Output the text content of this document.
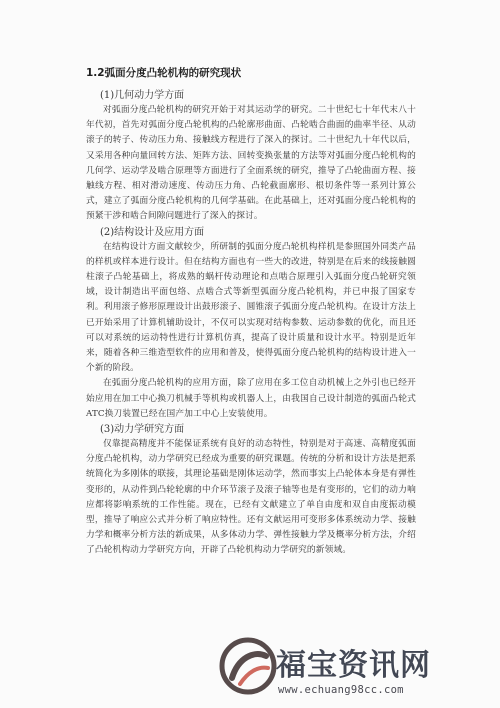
1.2弧面分度凸轮机构的研究现状

(1)几何动力学方面

对弧面分度凸轮机构的研究开始于对其运动学的研究。二十世纪七十年代末八十年代初，首先对弧面分度凸轮机构的凸轮廓形曲面、凸轮啮合曲面的曲率半径、从动滚子的转子、传动压力角、接触线方程进行了深入的探讨。二十世纪九十年代以后，又采用各种向量回转方法、矩阵方法、回转变换张量的方法等对弧面分度凸轮机构的几何学、运动学及啮合原理等方面进行了全面系统的研究，推导了凸轮曲面方程、接触线方程、相对滑动速度、传动压力角、凸轮截面廓形、根切条件等一系列计算公式，建立了弧面分度凸轮机构的几何学基础。在此基础上，还对弧面分度凸轮机构的预紧干涉和啮合间隙问题进行了深入的探讨。

(2)结构设计及应用方面

在结构设计方面文献较少，所研制的弧面分度凸轮机构样机是参照国外同类产品的样机或样本进行设计。但在结构方面也有一些大的改进，特别是在后来的线接触圆柱滚子凸轮基础上，将成熟的蜗杆传动理论和点啮合原理引入弧面分度凸轮研究领域，设计制造出平面包络、点啮合式等新型弧面分度凸轮机构，并已申报了国家专利。利用滚子修形原理设计出鼓形滚子、圆锥滚子弧面分度凸轮机构。在设计方法上已开始采用了计算机辅助设计，不仅可以实现对结构参数、运动参数的优化，而且还可以对系统的运动特性进行计算机仿真，提高了设计质量和设计水平。特别是近年来，随着各种三维造型软件的应用和普及，使得弧面分度凸轮机构的结构设计进入一个新的阶段。

在弧面分度凸轮机构的应用方面，除了应用在多工位自动机械上之外引也已经开始应用在加工中心换刀机械手等机构或机器人上，由我国自己设计制造的弧面凸轮式ATC换刀装置已经在国产加工中心上安装使用。

(3)动力学研究方面

仅靠提高精度并不能保证系统有良好的动态特性，特别是对于高速、高精度弧面分度凸轮机构，动力学研究已经成为重要的研究课题。传统的分析和设计方法是把系统简化为多刚体的联接，其理论基础是刚体运动学，然而事实上凸轮体本身是有弹性变形的，从动件到凸轮轮廓的中介环节滚子及滚子轴等也是有变形的，它们的动力响应都将影响系统的工作性能。现在，已经有文献建立了单自由度和双自由度振动模型，推导了响应公式并分析了响应特性。还有文献运用可变形多体系统动力学、接触力学和概率分析方法的新成果，从多体动力学、弹性接触力学及概率分析方法，介绍了凸轮机构动力学研究方向，开辟了凸轮机构动力学研究的新领域。

福宝资讯网
www.echuang98cc.com
